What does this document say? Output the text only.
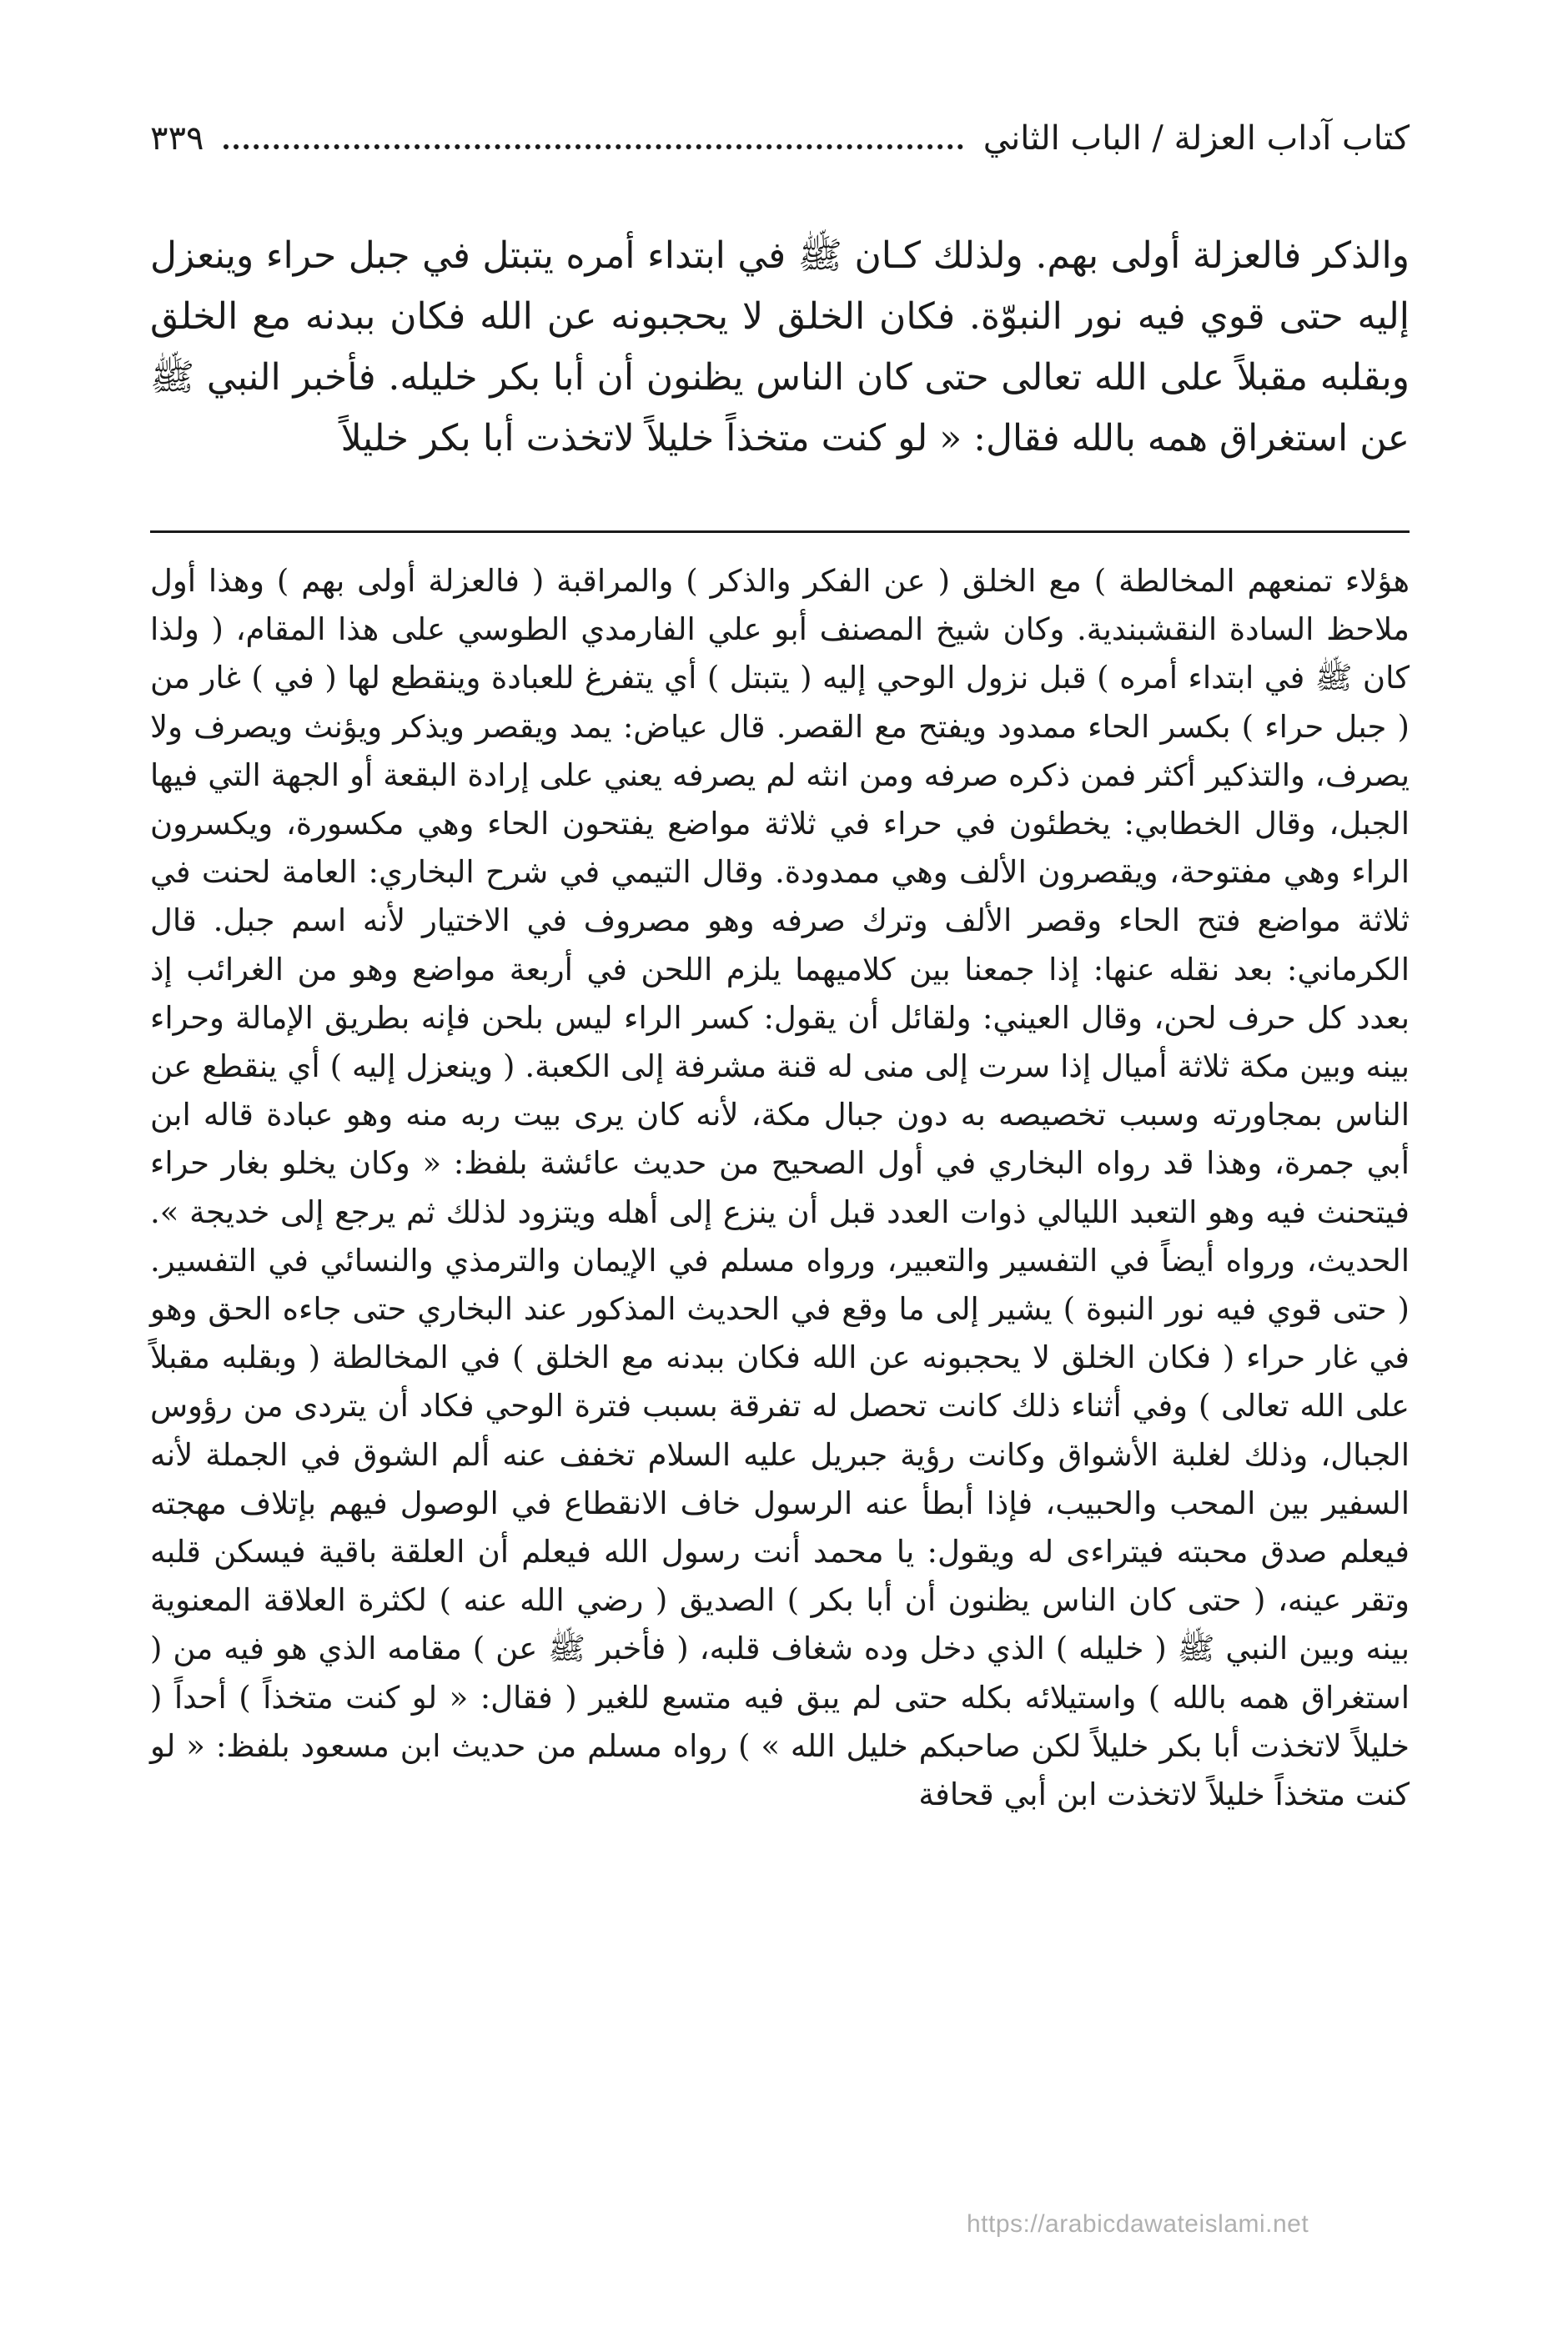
كتاب آداب العزلة / الباب الثاني
٣٣٩

والذكر فالعزلة أولى بهم. ولذلك كـان ﷺ في ابتداء أمره يتبتل في جبل حراء وينعزل إليه حتى قوي فيه نور النبوّة. فكان الخلق لا يحجبونه عن الله فكان ببدنه مع الخلق وبقلبه مقبلاً على الله تعالى حتى كان الناس يظنون أن أبا بكر خليله. فأخبر النبي ﷺ عن استغراق همه بالله فقال: « لو كنت متخذاً خليلاً لاتخذت أبا بكر خليلاً

هؤلاء تمنعهم المخالطة ) مع الخلق ( عن الفكر والذكر ) والمراقبة ( فالعزلة أولى بهم ) وهذا أول ملاحظ السادة النقشبندية. وكان شيخ المصنف أبو علي الفارمدي الطوسي على هذا المقام، ( ولذا كان ﷺ في ابتداء أمره ) قبل نزول الوحي إليه ( يتبتل ) أي يتفرغ للعبادة وينقطع لها ( في ) غار من ( جبل حراء ) بكسر الحاء ممدود ويفتح مع القصر. قال عياض: يمد ويقصر ويذكر ويؤنث ويصرف ولا يصرف، والتذكير أكثر فمن ذكره صرفه ومن انثه لم يصرفه يعني على إرادة البقعة أو الجهة التي فيها الجبل، وقال الخطابي: يخطئون في حراء في ثلاثة مواضع يفتحون الحاء وهي مكسورة، ويكسرون الراء وهي مفتوحة، ويقصرون الألف وهي ممدودة. وقال التيمي في شرح البخاري: العامة لحنت في ثلاثة مواضع فتح الحاء وقصر الألف وترك صرفه وهو مصروف في الاختيار لأنه اسم جبل. قال الكرماني: بعد نقله عنها: إذا جمعنا بين كلاميهما يلزم اللحن في أربعة مواضع وهو من الغرائب إذ بعدد كل حرف لحن، وقال العيني: ولقائل أن يقول: كسر الراء ليس بلحن فإنه بطريق الإمالة وحراء بينه وبين مكة ثلاثة أميال إذا سرت إلى منى له قنة مشرفة إلى الكعبة. ( وينعزل إليه ) أي ينقطع عن الناس بمجاورته وسبب تخصيصه به دون جبال مكة، لأنه كان يرى بيت ربه منه وهو عبادة قاله ابن أبي جمرة، وهذا قد رواه البخاري في أول الصحيح من حديث عائشة بلفظ: « وكان يخلو بغار حراء فيتحنث فيه وهو التعبد الليالي ذوات العدد قبل أن ينزع إلى أهله ويتزود لذلك ثم يرجع إلى خديجة ». الحديث، ورواه أيضاً في التفسير والتعبير، ورواه مسلم في الإيمان والترمذي والنسائي في التفسير. ( حتى قوي فيه نور النبوة ) يشير إلى ما وقع في الحديث المذكور عند البخاري حتى جاءه الحق وهو في غار حراء ( فكان الخلق لا يحجبونه عن الله فكان ببدنه مع الخلق ) في المخالطة ( وبقلبه مقبلاً على الله تعالى ) وفي أثناء ذلك كانت تحصل له تفرقة بسبب فترة الوحي فكاد أن يتردى من رؤوس الجبال، وذلك لغلبة الأشواق وكانت رؤية جبريل عليه السلام تخفف عنه ألم الشوق في الجملة لأنه السفير بين المحب والحبيب، فإذا أبطأ عنه الرسول خاف الانقطاع في الوصول فيهم بإتلاف مهجته فيعلم صدق محبته فيتراءى له ويقول: يا محمد أنت رسول الله فيعلم أن العلقة باقية فيسكن قلبه وتقر عينه، ( حتى كان الناس يظنون أن أبا بكر ) الصديق ( رضي الله عنه ) لكثرة العلاقة المعنوية بينه وبين النبي ﷺ ( خليله ) الذي دخل وده شغاف قلبه، ( فأخبر ﷺ عن ) مقامه الذي هو فيه من ( استغراق همه بالله ) واستيلائه بكله حتى لم يبق فيه متسع للغير ( فقال: « لو كنت متخذاً ) أحداً ( خليلاً لاتخذت أبا بكر خليلاً لكن صاحبكم خليل الله » ) رواه مسلم من حديث ابن مسعود بلفظ: « لو كنت متخذاً خليلاً لاتخذت ابن أبي قحافة

https://arabicdawateislami.net
